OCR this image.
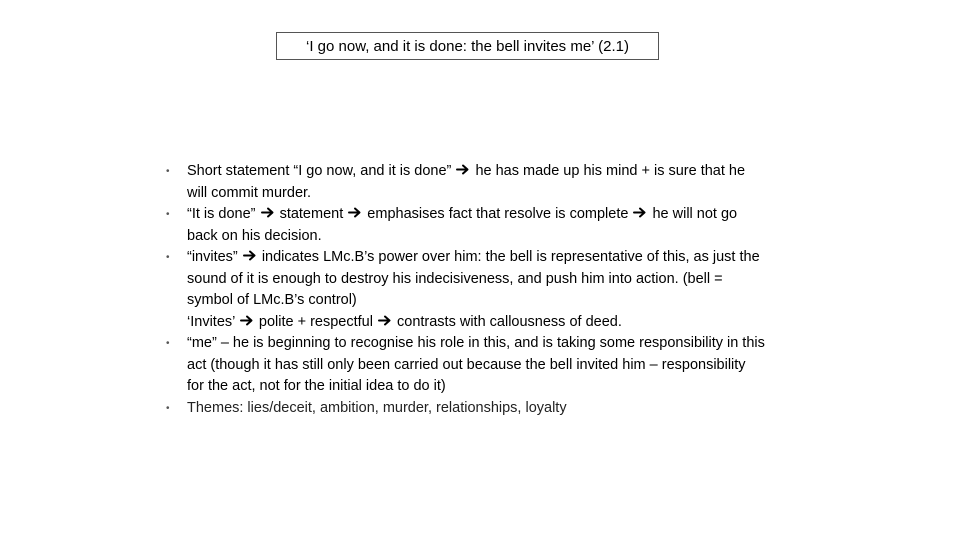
‘I go now, and it is done: the bell invites me’ (2.1)
• Short statement “I go now, and it is done” he has made up his mind + is sure that he will commit murder.
• “It is done” statement emphasises fact that resolve is complete he will not go back on his decision.
• “invites” indicates LMc.B’s power over him: the bell is representative of this, as just the sound of it is enough to destroy his indecisiveness, and push him into action. (bell = symbol of LMc.B’s control)
‘Invites’ polite + respectful contrasts with callousness of deed.
• “me” – he is beginning to recognise his role in this, and is taking some responsibility in this act (though it has still only been carried out because the bell invited him – responsibility for the act, not for the initial idea to do it)
• Themes: lies/deceit, ambition, murder, relationships, loyalty
